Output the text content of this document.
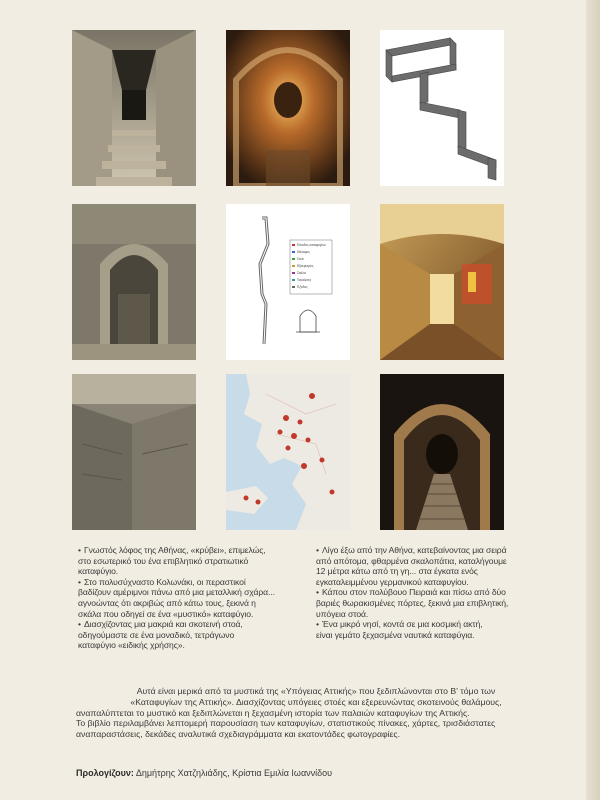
Είσοδος καταφυγίου
Θάλαμος
Στοά
Εξαερισμός
Σκάλα
Τουαλέτες
Έξοδος
• Γνωστός λόφος της Αθήνας, «κρύβει», επιμελώς,
στο εσωτερικό του ένα επιβλητικό στρατιωτικό
καταφύγιο.
• Στο πολυσύχναστο Κολωνάκι, οι περαστικοί
βαδίζουν αμέριμνοι πάνω από μια μεταλλική σχάρα...
αγνοώντας ότι ακριβώς από κάτω τους, ξεκινά η
σκάλα που οδηγεί σε ένα «μυστικό» καταφύγιο.
• Διασχίζοντας μια μακριά και σκοτεινή στοά,
οδηγούμαστε σε ένα μοναδικό, τετράγωνο
καταφύγιο «ειδικής χρήσης».
• Λίγο έξω από την Αθήνα, κατεβαίνοντας μια σειρά
από απότομα, φθαρμένα σκαλοπάτια, καταλήγουμε
12 μέτρα κάτω από τη γη... στα έγκατα ενός
εγκαταλειμμένου γερμανικού καταφυγίου.
• Κάπου στον πολύβουο Πειραιά και πίσω από δύο
βαριές θωρακισμένες πόρτες, ξεκινά μια επιβλητική,
υπόγεια στοά.
• Ένα μικρό νησί, κοντά σε μια κοσμική ακτή,
είναι γεμάτο ξεχασμένα ναυτικά καταφύγια.

Αυτά είναι μερικά από τα μυστικά της «Υπόγειας Αττικής» που ξεδιπλώνονται στο Β' τόμο των

«Καταφυγίων της Αττικής». Διασχίζοντας υπόγειες στοές και εξερευνώντας σκοτεινούς θαλάμους,

αναπαλύπτεται το μυστικό και ξεδιπλώνεται η ξεχασμένη ιστορία των παλαιών καταφυγίων της Αττικής.

Το βιβλίο περιλαμβάνει λεπτομερή παρουσίαση των καταφυγίων, στατιστικούς πίνακες, χάρτες, τρισδιάστατες

αναπαραστάσεις, δεκάδες αναλυτικά σχεδιαγράμματα και εκατοντάδες φωτογραφίες.

Προλογίζουν: Δημήτρης Χατζηλιάδης, Κρίστια Εμιλία Ιωαννίδου
